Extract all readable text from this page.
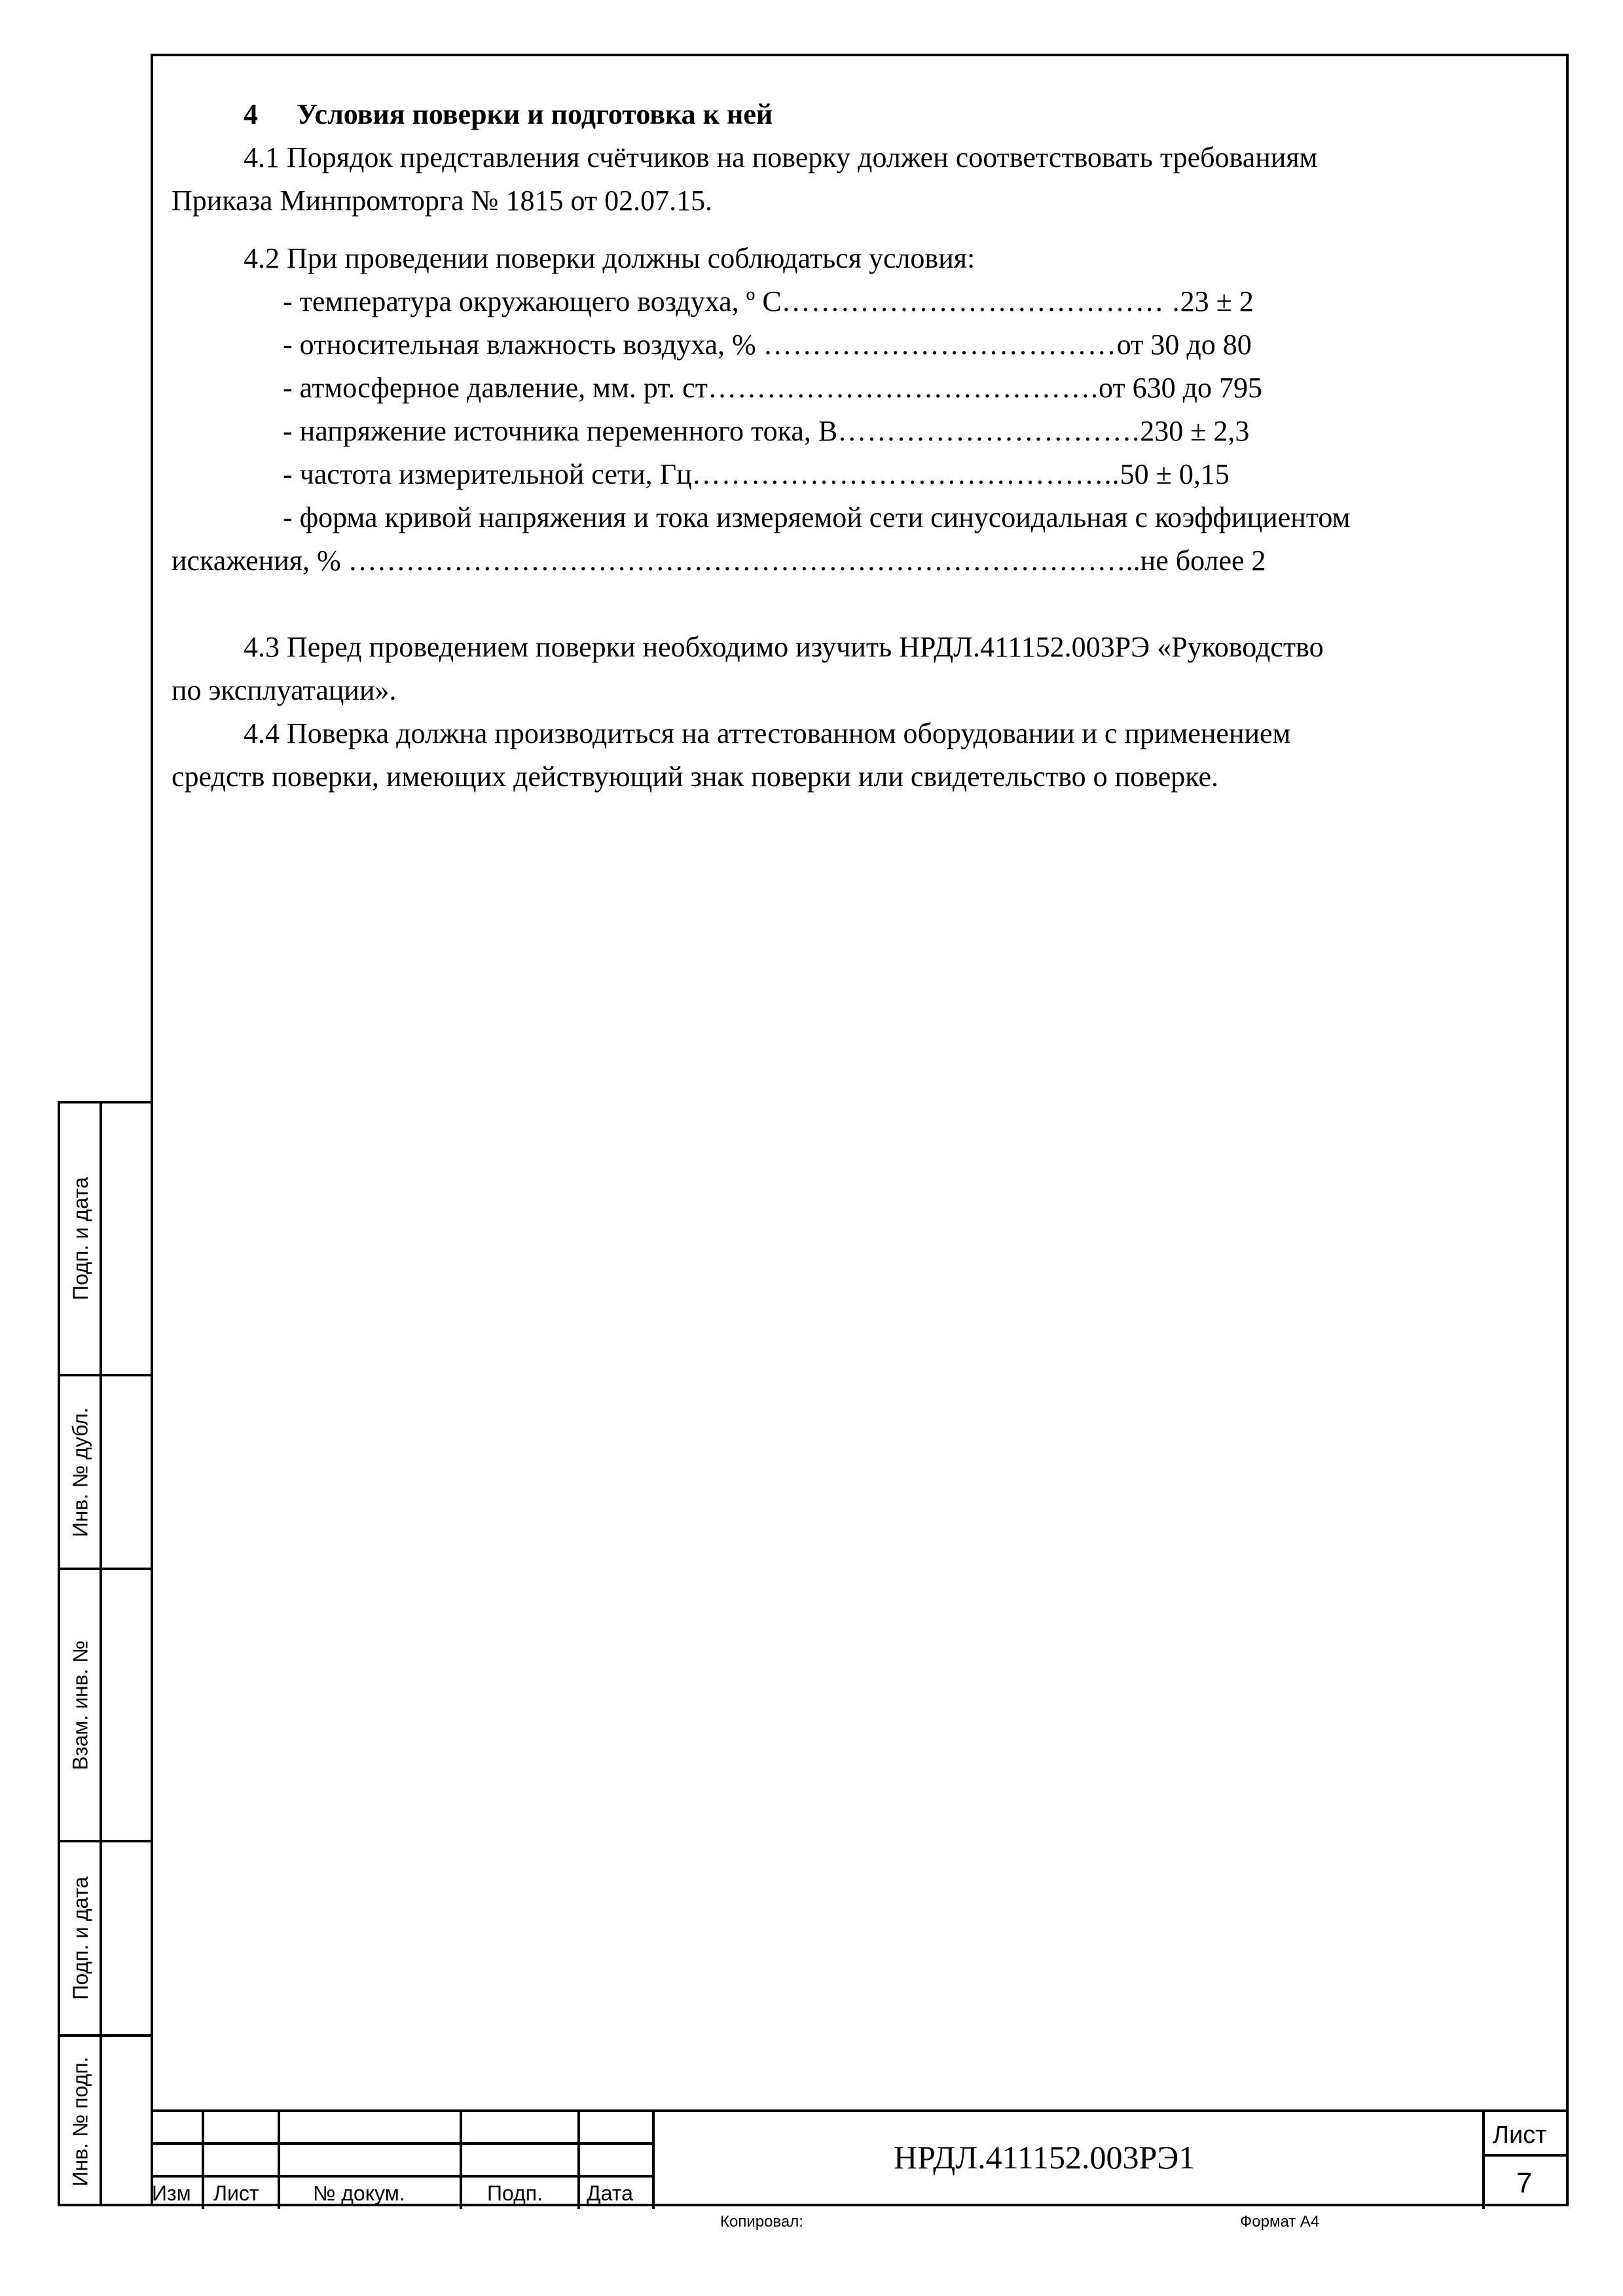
4 Условия поверки и подготовка к ней
4.1 Порядок представления счётчиков на поверку должен соответствовать требованиям
Приказа Минпромторга № 1815 от 02.07.15.
4.2 При проведении поверки должны соблюдаться условия:
- температура окружающего воздуха, º С………………………………… .23 ± 2
- относительная влажность воздуха, % ………………………………от 30 до 80
- атмосферное давление, мм. рт. ст………………………………….от 630 до 795
- напряжение источника переменного тока, В………………………….230 ± 2,3
- частота измерительной сети, Гц……………………………………..50 ± 0,15
- форма кривой напряжения и тока измеряемой сети синусоидальная с коэффициентом
искажения, % ………………………………………………………………………..не более 2
4.3 Перед проведением поверки необходимо изучить НРДЛ.411152.003РЭ «Руководство
по эксплуатации».
4.4 Поверка должна производиться на аттестованном оборудовании и с применением
средств поверки, имеющих действующий знак поверки или свидетельство о поверке.
Подп. и дата
Инв. № дубл.
Взам. инв. №
Подп. и дата
Инв. № подп.
Изм Лист	№ докум.	Подп. Дата
НРДЛ.411152.003РЭ1
Лист
7
Копировал:	Формат А4
